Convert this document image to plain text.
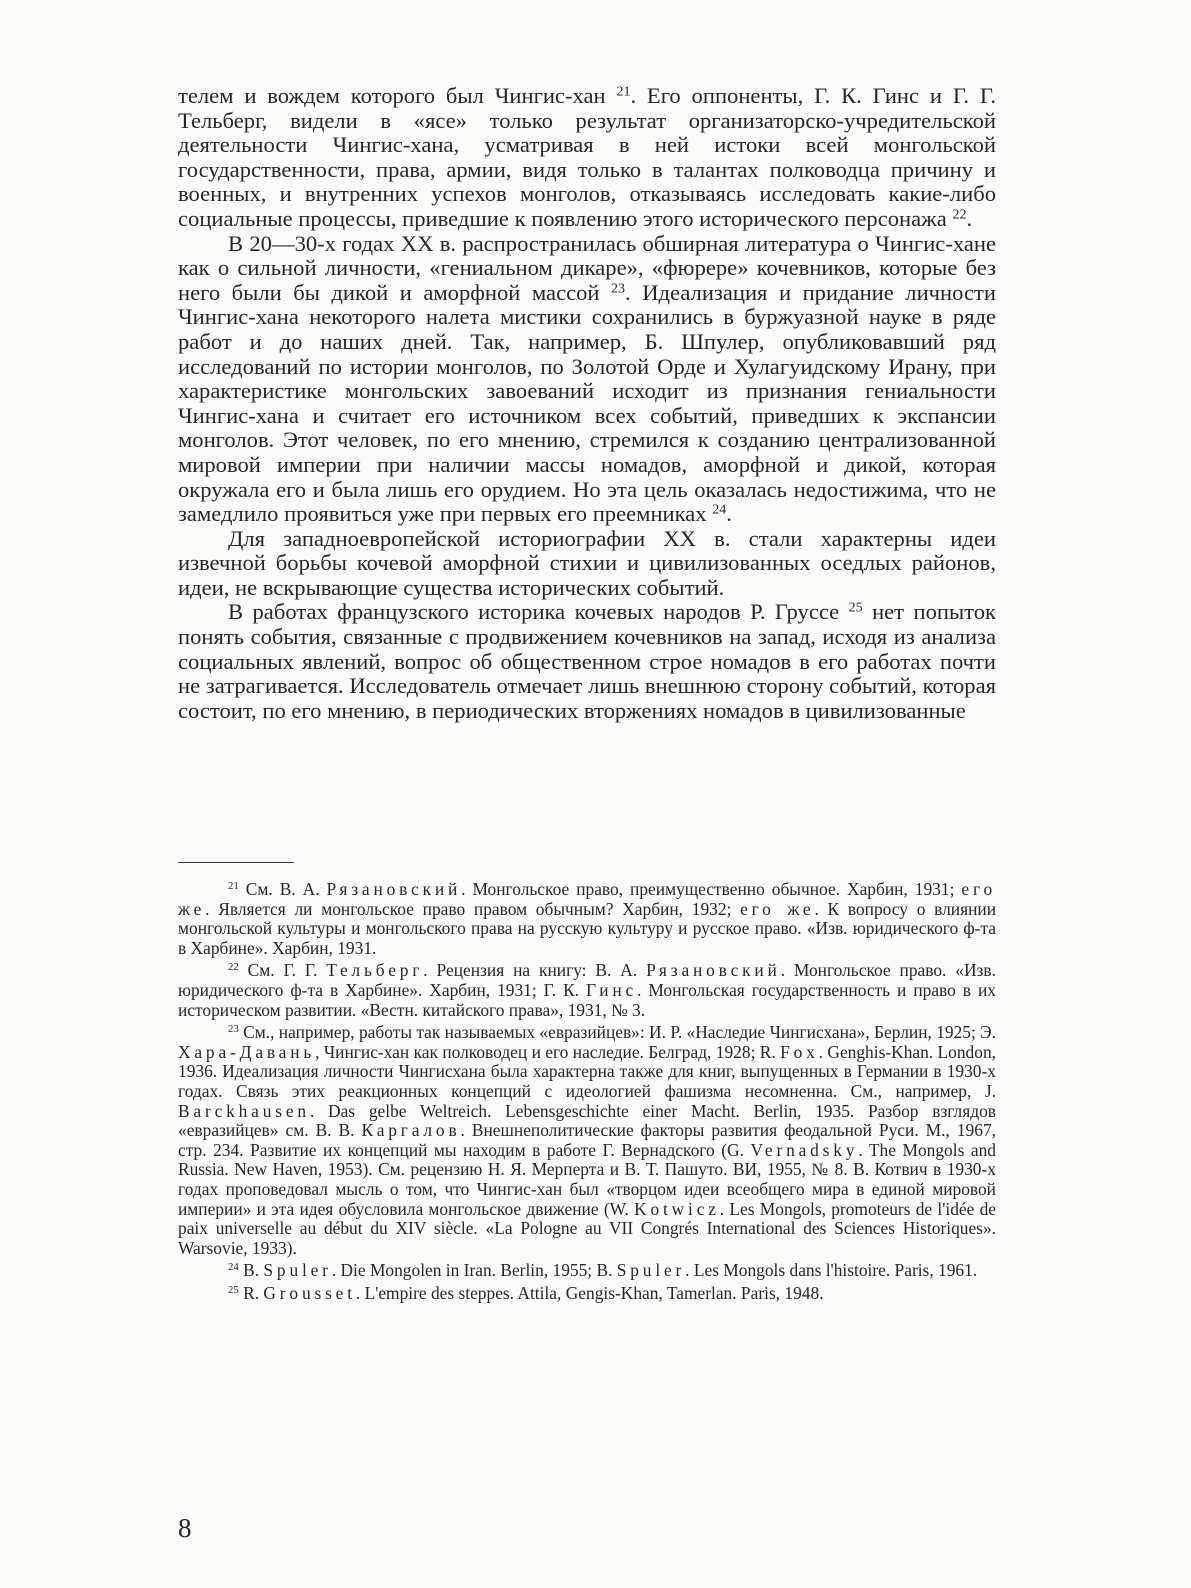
телем и вождем которого был Чингис-хан $^{21}$. Его оппоненты, Г. К. Гинс и Г. Г. Тельберг, видели в «ясе» только результат организаторско-учредительской деятельности Чингис-хана, усматривая в ней истоки всей монгольской государственности, права, армии, видя только в талантах полководца причину и военных, и внутренних успехов монголов, отказываясь исследовать какие-либо социальные процессы, приведшие к появлению этого исторического персонажа $^{22}$.

В 20—30-х годах XX в. распространилась обширная литература о Чингис-хане как о сильной личности, «гениальном дикаре», «фюрере» кочевников, которые без него были бы дикой и аморфной массой $^{23}$. Идеализация и придание личности Чингис-хана некоторого налета мистики сохранились в буржуазной науке в ряде работ и до наших дней. Так, например, Б. Шпулер, опубликовавший ряд исследований по истории монголов, по Золотой Орде и Хулагуидскому Ирану, при характеристике монгольских завоеваний исходит из признания гениальности Чингис-хана и считает его источником всех событий, приведших к экспансии монголов. Этот человек, по его мнению, стремился к созданию централизованной мировой империи при наличии массы номадов, аморфной и дикой, которая окружала его и была лишь его орудием. Но эта цель оказалась недостижима, что не замедлило проявиться уже при первых его преемниках $^{24}$.

Для западноевропейской историографии XX в. стали характерны идеи извечной борьбы кочевой аморфной стихии и цивилизованных оседлых районов, идеи, не вскрывающие существа исторических событий.

В работах французского историка кочевых народов Р. Груссе $^{25}$ нет попыток понять события, связанные с продвижением кочевников на запад, исходя из анализа социальных явлений, вопрос об общественном строе номадов в его работах почти не затрагивается. Исследователь отмечает лишь внешнюю сторону событий, которая состоит, по его мнению, в периодических вторжениях номадов в цивилизованные

$^{21}$ См. В. А. Рязановский. Монгольское право, преимущественно обычное. Харбин, 1931; его же. Является ли монгольское право правом обычным? Харбин, 1932; его же. К вопросу о влиянии монгольской культуры и монгольского права на русскую культуру и русское право. «Изв. юридического ф-та в Харбине». Харбин, 1931.

$^{22}$ См. Г. Г. Тельберг. Рецензия на книгу: В. А. Рязановский. Монгольское право. «Изв. юридического ф-та в Харбине». Харбин, 1931; Г. К. Гинс. Монгольская государственность и право в их историческом развитии. «Вестн. китайского права», 1931, № 3.

$^{23}$ См., например, работы так называемых «евразийцев»: И. Р. «Наследие Чингисхана», Берлин, 1925; Э. Хара-Давань, Чингис-хан как полководец и его наследие. Белград, 1928; R. Fox. Genghis-Khan. London, 1936. Идеализация личности Чингисхана была характерна также для книг, выпущенных в Германии в 1930-х годах. Связь этих реакционных концепций с идеологией фашизма несомненна. См., например, J. Barckhausen. Das gelbe Weltreich. Lebensgeschichte einer Macht. Berlin, 1935. Разбор взглядов «евразийцев» см. В. В. Каргалов. Внешнеполитические факторы развития феодальной Руси. М., 1967, стр. 234. Развитие их концепций мы находим в работе Г. Вернадского (G. Vernadsky. The Mongols and Russia. New Haven, 1953). См. рецензию Н. Я. Мерперта и В. Т. Пашуто. ВИ, 1955, № 8. В. Котвич в 1930-х годах проповедовал мысль о том, что Чингис-хан был «творцом идеи всеобщего мира в единой мировой империи» и эта идея обусловила монгольское движение (W. Kotwicz. Les Mongols, promoteurs de l'idée de paix universelle au début du XIV siècle. «La Pologne au VII Congrés International des Sciences Historiques». Warsovie, 1933).

$^{24}$ B. Spuler. Die Mongolen in Iran. Berlin, 1955; B. Spuler. Les Mongols dans l'histoire. Paris, 1961.

$^{25}$ R. Grousset. L'empire des steppes. Attila, Gengis-Khan, Tamerlan. Paris, 1948.

8
